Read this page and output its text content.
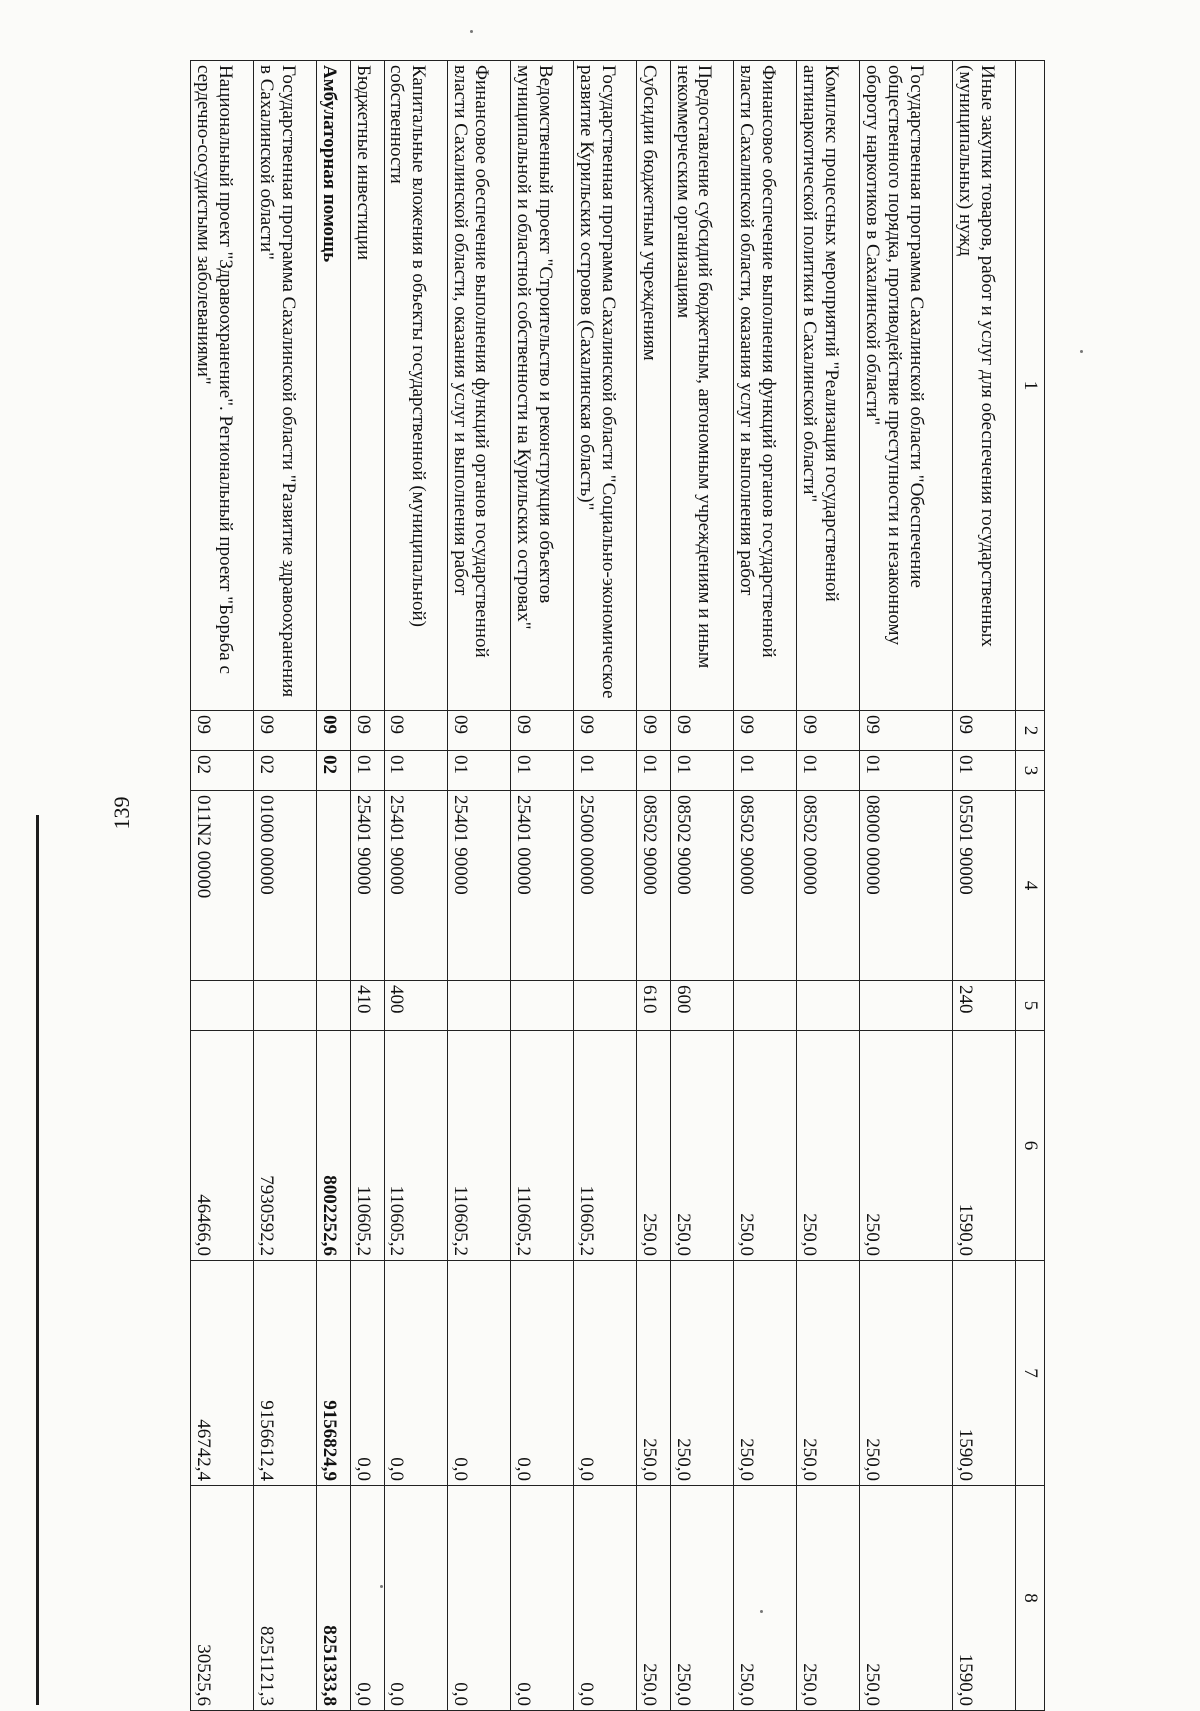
139
1	2	3	4	5	6	7	8
Иные закупки товаров, работ и услуг для обеспечения государственных (муниципальных) нужд	09	01	05501 90000	240	1590,0	1590,0	1590,0
Государственная программа Сахалинской области "Обеспечение общественного порядка, противодействие преступности и незаконному обороту наркотиков в Сахалинской области"	09	01	08000 00000		250,0	250,0	250,0
Комплекс процессных мероприятий "Реализация государственной антинаркотической политики в Сахалинской области"	09	01	08502 00000		250,0	250,0	250,0
Финансовое обеспечение выполнения функций органов государственной власти Сахалинской области, оказания услуг и выполнения работ	09	01	08502 90000		250,0	250,0	250,0
Предоставление субсидий бюджетным, автономным учреждениям и иным некоммерческим организациям	09	01	08502 90000	600	250,0	250,0	250,0
Субсидии бюджетным учреждениям	09	01	08502 90000	610	250,0	250,0	250,0
Государственная программа Сахалинской области "Социально-экономическое развитие Курильских островов (Сахалинская область)"	09	01	25000 00000		110605,2	0,0	0,0
Ведомственный проект "Строительство и реконструкция объектов муниципальной и областной собственности на Курильских островах"	09	01	25401 00000		110605,2	0,0	0,0
Финансовое обеспечение выполнения функций органов государственной власти Сахалинской области, оказания услуг и выполнения работ	09	01	25401 90000		110605,2	0,0	0,0
Капитальные вложения в объекты государственной (муниципальной) собственности	09	01	25401 90000	400	110605,2	0,0	0,0
Бюджетные инвестиции	09	01	25401 90000	410	110605,2	0,0	0,0
Амбулаторная помощь	09	02			8002252,6	9156824,9	8251333,8
Государственная программа Сахалинской области "Развитие здравоохранения в Сахалинской области"	09	02	01000 00000		7930592,2	9156612,4	8251121,3
Национальный проект "Здравоохранение". Региональный проект "Борьба с сердечно-сосудистыми заболеваниями"	09	02	011N2 00000		46466,0	46742,4	30525,6
